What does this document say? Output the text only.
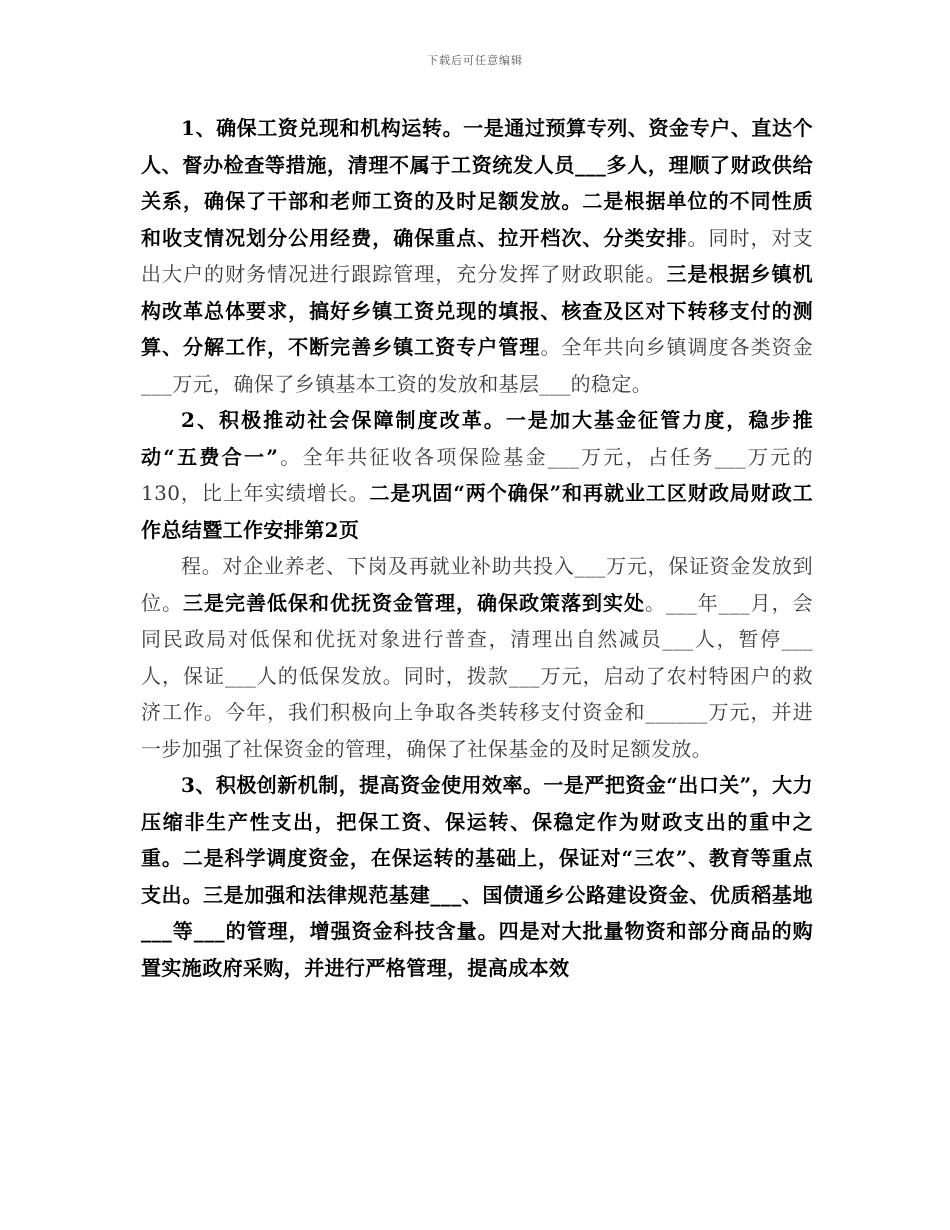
下载后可任意编辑

1、确保工资兑现和机构运转。一是通过预算专列、资金专户、直达个人、督办检查等措施，清理不属于工资统发人员___多人，理顺了财政供给关系，确保了干部和老师工资的及时足额发放。二是根据单位的不同性质和收支情况划分公用经费，确保重点、拉开档次、分类安排。同时，对支出大户的财务情况进行跟踪管理，充分发挥了财政职能。三是根据乡镇机构改革总体要求，搞好乡镇工资兑现的填报、核查及区对下转移支付的测算、分解工作，不断完善乡镇工资专户管理。全年共向乡镇调度各类资金___万元，确保了乡镇基本工资的发放和基层___的稳定。

2、积极推动社会保障制度改革。一是加大基金征管力度，稳步推动“五费合一”。全年共征收各项保险基金___万元，占任务___万元的130，比上年实绩增长。二是巩固“两个确保”和再就业工区财政局财政工作总结暨工作安排第2页

程。对企业养老、下岗及再就业补助共投入___万元，保证资金发放到位。三是完善低保和优抚资金管理，确保政策落到实处。___年___月，会同民政局对低保和优抚对象进行普查，清理出自然减员___人，暂停___人，保证___人的低保发放。同时，拨款___万元，启动了农村特困户的救济工作。今年，我们积极向上争取各类转移支付资金和______万元，并进一步加强了社保资金的管理，确保了社保基金的及时足额发放。

3、积极创新机制，提高资金使用效率。一是严把资金“出口关”，大力压缩非生产性支出，把保工资、保运转、保稳定作为财政支出的重中之重。二是科学调度资金，在保运转的基础上，保证对“三农”、教育等重点支出。三是加强和法律规范基建___、国债通乡公路建设资金、优质稻基地___等___的管理，增强资金科技含量。四是对大批量物资和部分商品的购置实施政府采购，并进行严格管理，提高成本效
